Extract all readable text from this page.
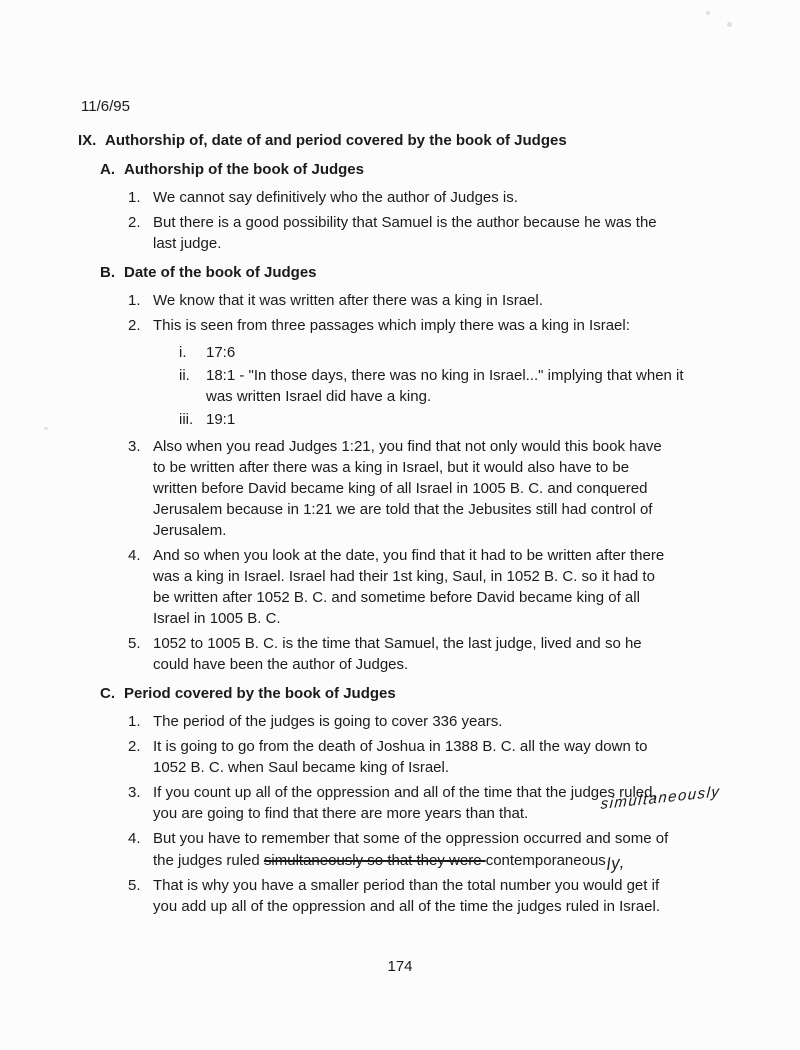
11/6/95
IX. Authorship of, date of and period covered by the book of Judges
A. Authorship of the book of Judges
1. We cannot say definitively who the author of Judges is.
2. But there is a good possibility that Samuel is the author because he was the
last judge.
B. Date of the book of Judges
1. We know that it was written after there was a king in Israel.
2. This is seen from three passages which imply there was a king in Israel:
i.	17:6
ii.	18:1 - "In those days, there was no king in Israel..." implying that when it
was written Israel did have a king.
iii. 19:1
3. Also when you read Judges 1:21, you find that not only would this book have
to be written after there was a king in Israel, but it would also have to be
written before David became king of all Israel in 1005 B. C. and conquered
Jerusalem because in 1:21 we are told that the Jebusites still had control of
Jerusalem.
4. And so when you look at the date, you find that it had to be written after there
was a king in Israel. Israel had their 1st king, Saul, in 1052 B. C. so it had to
be written after 1052 B. C. and sometime before David became king of all
Israel in 1005 B. C.
5. 1052 to 1005 B. C. is the time that Samuel, the last judge, lived and so he
could have been the author of Judges.
C. Period covered by the book of Judges
1. The period of the judges is going to cover 336 years.
2. It is going to go from the death of Joshua in 1388 B. C. all the way down to
1052 B. C. when Saul became king of Israel.
3. If you count up all of the oppression and all of the time that the judges ruled,
you are going to find that there are more years than that.
simultaneously
4. But you have to remember that some of the oppression occurred and some of
the judges ruled simultaneously so that they were contemporaneously,
5. That is why you have a smaller period than the total number you would get if
you add up all of the oppression and all of the time the judges ruled in Israel.
174
